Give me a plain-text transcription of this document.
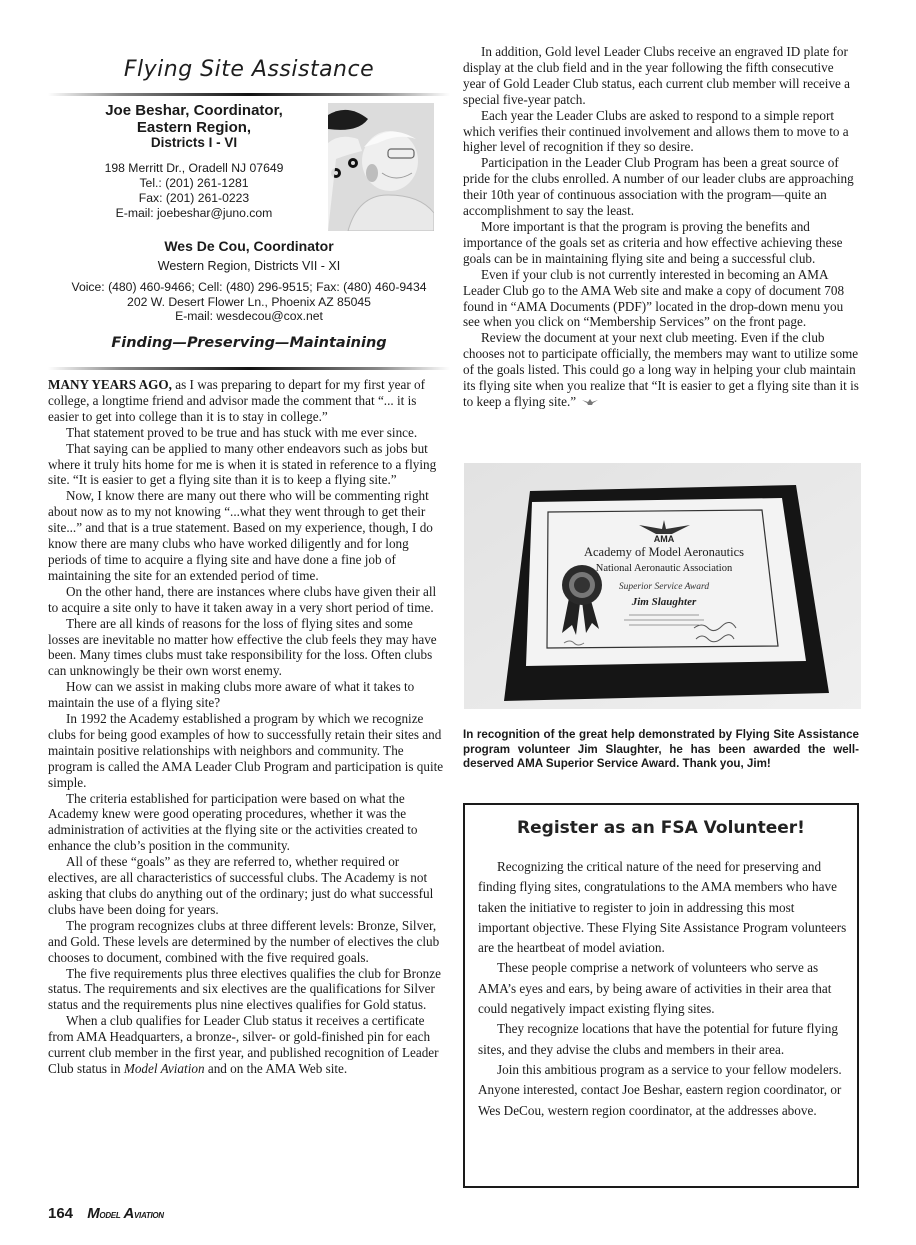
Flying Site Assistance
Joe Beshar, Coordinator,
Eastern Region,
Districts I - VI
198 Merritt Dr., Oradell NJ 07649
Tel.: (201) 261-1281
Fax: (201) 261-0223
E-mail: joebeshar@juno.com
Wes De Cou, Coordinator
Western Region, Districts VII - XI
Voice: (480) 460-9466; Cell: (480) 296-9515; Fax: (480) 460-9434
202 W. Desert Flower Ln., Phoenix AZ 85045
E-mail: wesdecou@cox.net
Finding—Preserving—Maintaining

MANY YEARS AGO, as I was preparing to depart for my first year of college, a longtime friend and advisor made the comment that “... it is easier to get into college than it is to stay in college.”

That statement proved to be true and has stuck with me ever since.

That saying can be applied to many other endeavors such as jobs but where it truly hits home for me is when it is stated in reference to a flying site. “It is easier to get a flying site than it is to keep a flying site.”

Now, I know there are many out there who will be commenting right about now as to my not knowing “...what they went through to get their site...” and that is a true statement. Based on my experience, though, I do know there are many clubs who have worked diligently and for long periods of time to acquire a flying site and have done a fine job of maintaining the site for an extended period of time.

On the other hand, there are instances where clubs have given their all to acquire a site only to have it taken away in a very short period of time.

There are all kinds of reasons for the loss of flying sites and some losses are inevitable no matter how effective the club feels they may have been. Many times clubs must take responsibility for the loss. Often clubs can unknowingly be their own worst enemy.

How can we assist in making clubs more aware of what it takes to maintain the use of a flying site?

In 1992 the Academy established a program by which we recognize clubs for being good examples of how to successfully retain their sites and maintain positive relationships with neighbors and community. The program is called the AMA Leader Club Program and participation is quite simple.

The criteria established for participation were based on what the Academy knew were good operating procedures, whether it was the administration of activities at the flying site or the activities created to enhance the club’s position in the community.

All of these “goals” as they are referred to, whether required or electives, are all characteristics of successful clubs. The Academy is not asking that clubs do anything out of the ordinary; just do what successful clubs have been doing for years.

The program recognizes clubs at three different levels: Bronze, Silver, and Gold. These levels are determined by the number of electives the club chooses to document, combined with the five required goals.

The five requirements plus three electives qualifies the club for Bronze status. The requirements and six electives are the qualifications for Silver status and the requirements plus nine electives qualifies for Gold status.

When a club qualifies for Leader Club status it receives a certificate from AMA Headquarters, a bronze-, silver- or gold-finished pin for each current club member in the first year, and published recognition of Leader Club status in Model Aviation and on the AMA Web site.

In addition, Gold level Leader Clubs receive an engraved ID plate for display at the club field and in the year following the fifth consecutive year of Gold Leader Club status, each current club member will receive a special five-year patch.

Each year the Leader Clubs are asked to respond to a simple report which verifies their continued involvement and allows them to move to a higher level of recognition if they so desire.

Participation in the Leader Club Program has been a great source of pride for the clubs enrolled. A number of our leader clubs are approaching their 10th year of continuous association with the program—quite an accomplishment to say the least.

More important is that the program is proving the benefits and importance of the goals set as criteria and how effective achieving these goals can be in maintaining flying site and being a successful club.

Even if your club is not currently interested in becoming an AMA Leader Club go to the AMA Web site and make a copy of document 708 found in “AMA Documents (PDF)” located in the drop-down menu you see when you click on “Membership Services” on the front page.

Review the document at your next club meeting. Even if the club chooses not to participate officially, the members may want to utilize some of the goals listed. This could go a long way in helping your club maintain its flying site when you realize that “It is easier to get a flying site than it is to keep a flying site.”

AMA
Academy of Model Aeronautics
National Aeronautic Association
Superior Service Award
Jim Slaughter
In recognition of the great help demonstrated by Flying Site Assistance program volunteer Jim Slaughter, he has been awarded the well-deserved AMA Superior Service Award. Thank you, Jim!
Register as an FSA Volunteer!

Recognizing the critical nature of the need for preserving and finding flying sites, congratulations to the AMA members who have taken the initiative to register to join in addressing this most important objective. These Flying Site Assistance Program volunteers are the heartbeat of model aviation.

These people comprise a network of volunteers who serve as AMA’s eyes and ears, by being aware of activities in their area that could negatively impact existing flying sites.

They recognize locations that have the potential for future flying sites, and they advise the clubs and members in their area.

Join this ambitious program as a service to your fellow modelers. Anyone interested, contact Joe Beshar, eastern region coordinator, or Wes DeCou, western region coordinator, at the addresses above.

164 Model Aviation
